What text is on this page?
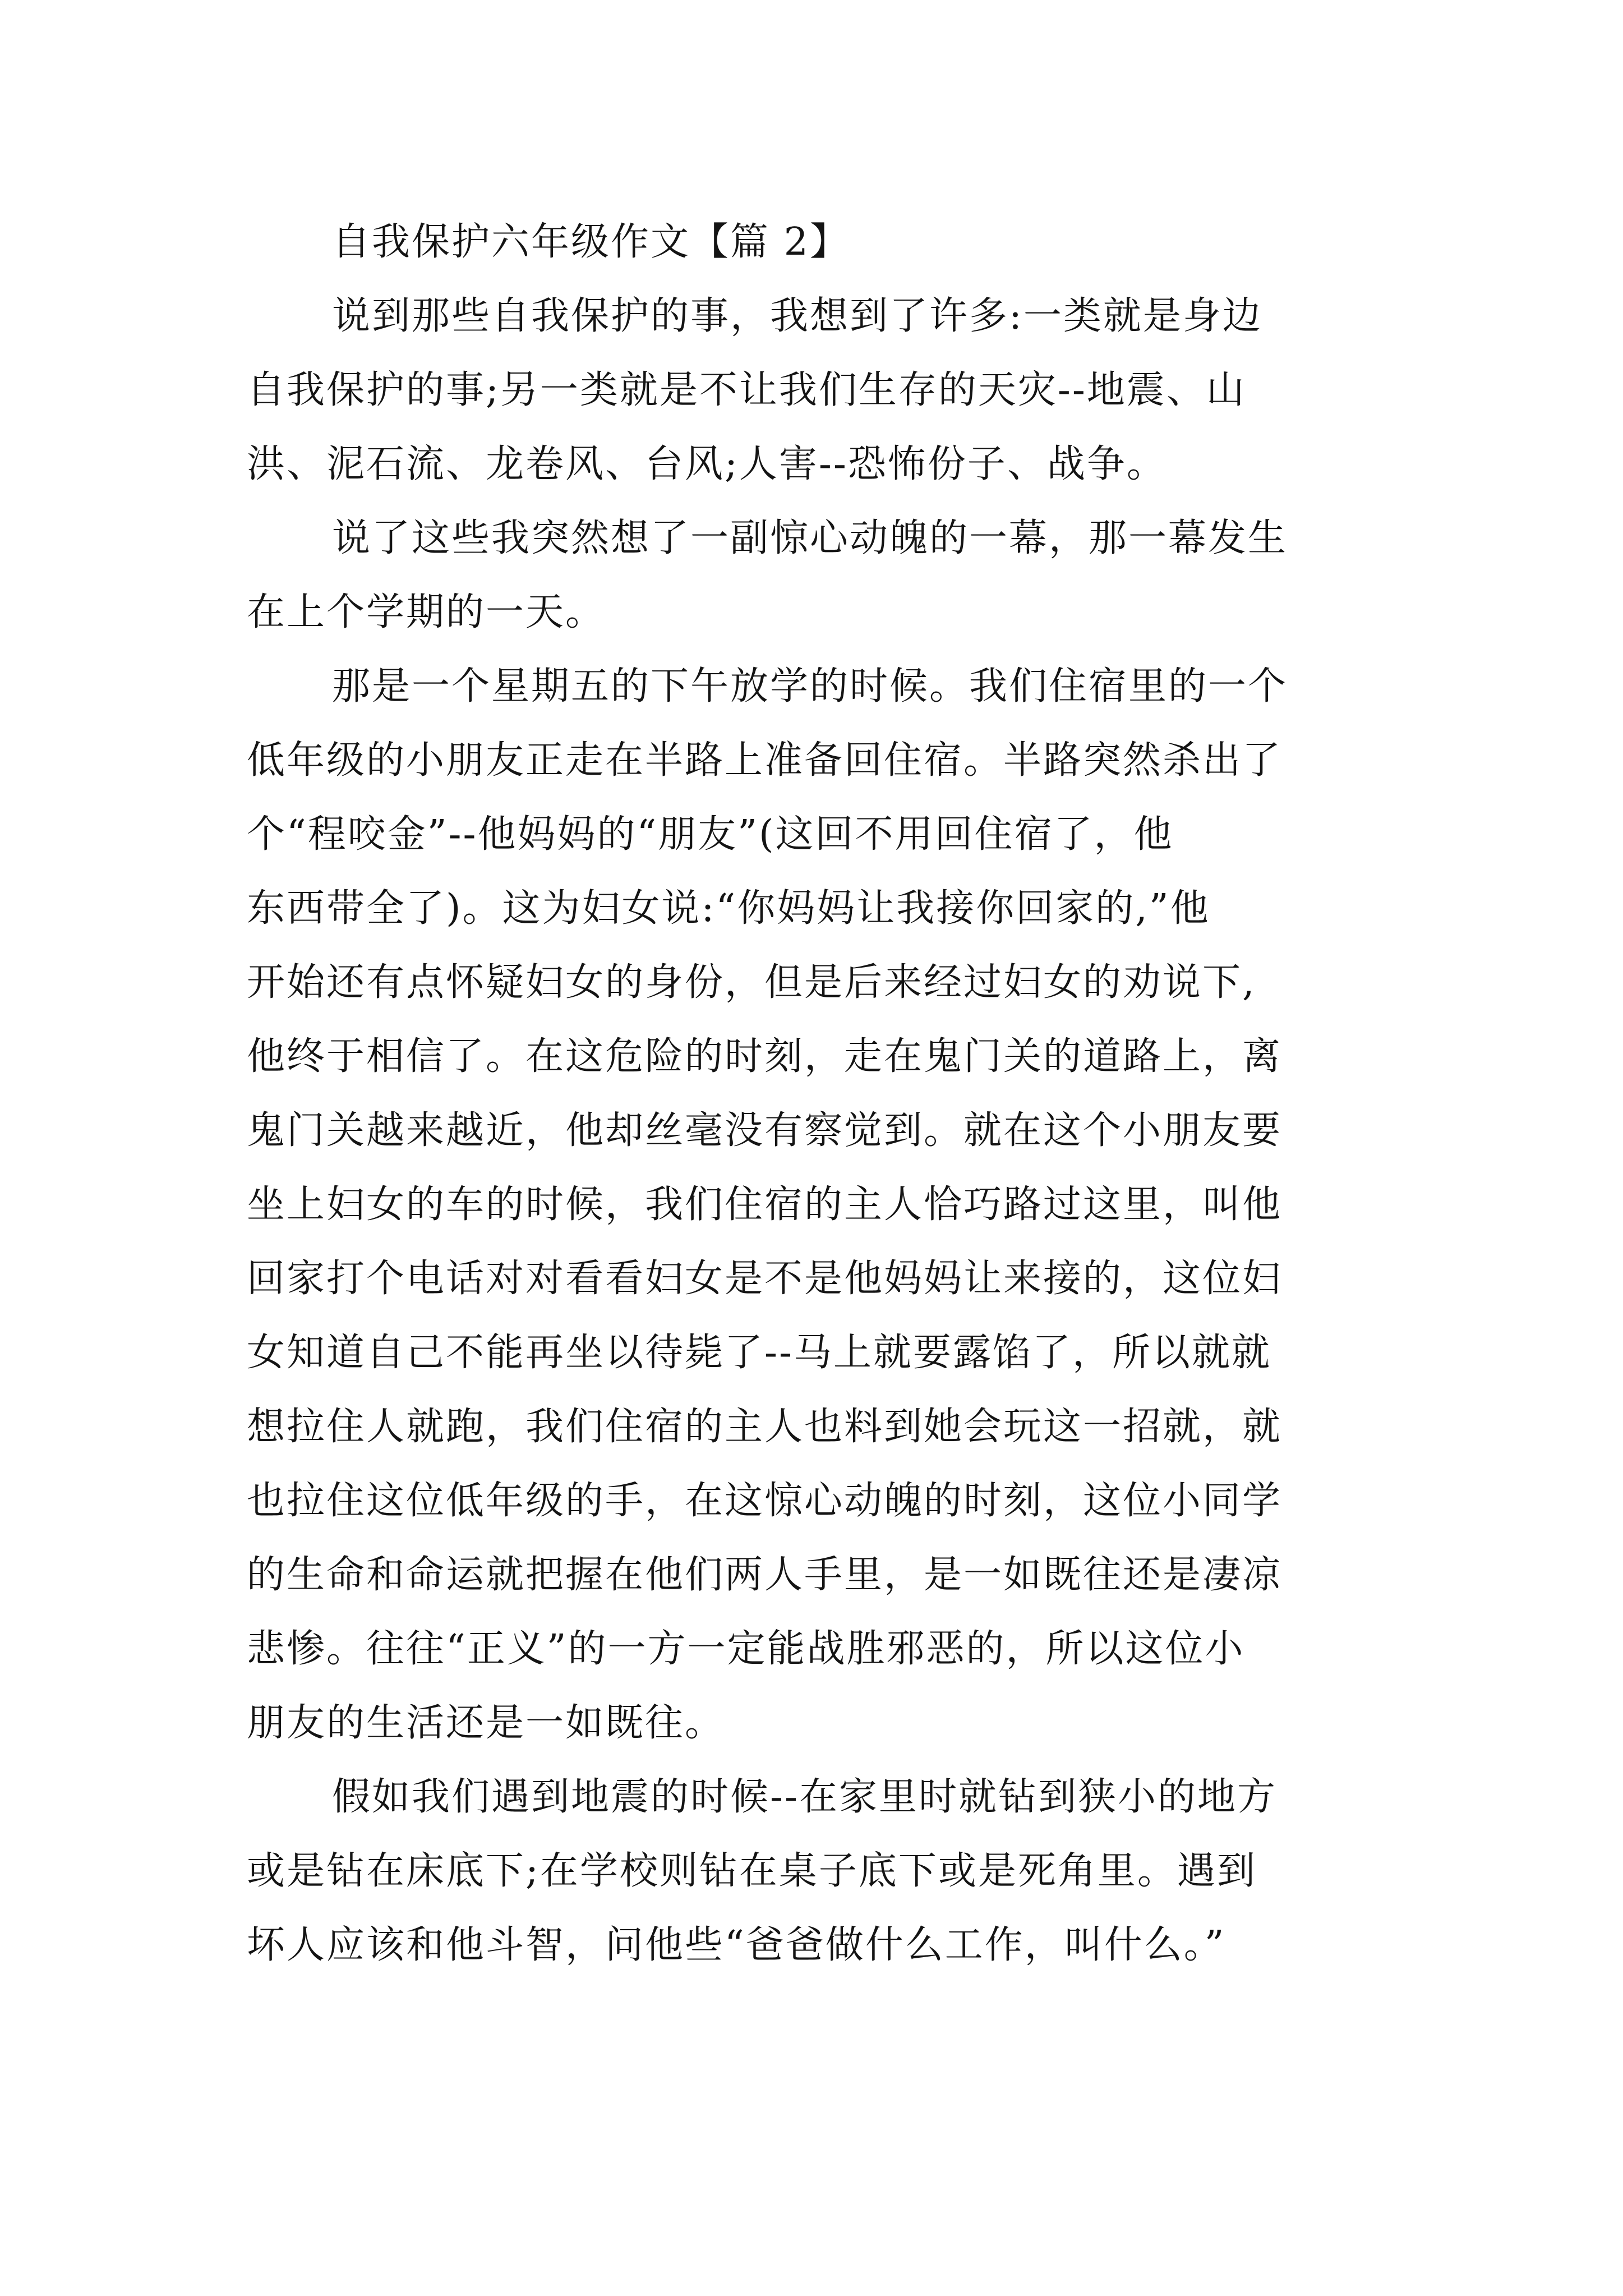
自我保护六年级作文【篇 2】
说到那些自我保护的事，我想到了许多:一类就是身边
自我保护的事;另一类就是不让我们生存的天灾--地震、山
洪、泥石流、龙卷风、台风;人害--恐怖份子、战争。
说了这些我突然想了一副惊心动魄的一幕，那一幕发生
在上个学期的一天。
那是一个星期五的下午放学的时候。我们住宿里的一个
低年级的小朋友正走在半路上准备回住宿。半路突然杀出了
个“程咬金”--他妈妈的“朋友”(这回不用回住宿了，他
东西带全了)。这为妇女说:“你妈妈让我接你回家的,”他
开始还有点怀疑妇女的身份，但是后来经过妇女的劝说下,
他终于相信了。在这危险的时刻，走在鬼门关的道路上，离
鬼门关越来越近，他却丝毫没有察觉到。就在这个小朋友要
坐上妇女的车的时候，我们住宿的主人恰巧路过这里，叫他
回家打个电话对对看看妇女是不是他妈妈让来接的，这位妇
女知道自己不能再坐以待毙了--马上就要露馅了，所以就就
想拉住人就跑，我们住宿的主人也料到她会玩这一招就，就
也拉住这位低年级的手，在这惊心动魄的时刻，这位小同学
的生命和命运就把握在他们两人手里，是一如既往还是凄凉
悲惨。往往“正义”的一方一定能战胜邪恶的，所以这位小
朋友的生活还是一如既往。
假如我们遇到地震的时候--在家里时就钻到狭小的地方
或是钻在床底下;在学校则钻在桌子底下或是死角里。遇到
坏人应该和他斗智，问他些“爸爸做什么工作，叫什么。”
